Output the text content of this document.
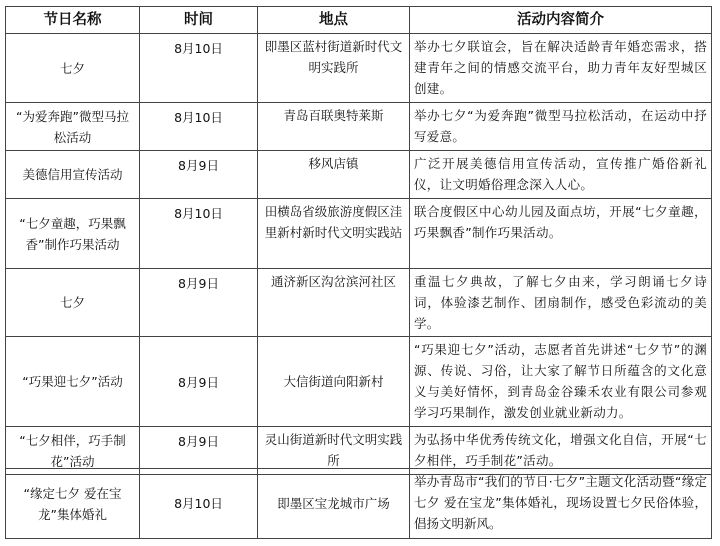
节日名称	时间	地点	活动内容简介
七夕	8月10日	即墨区蓝村街道新时代文明实践所	举办七夕联谊会，旨在解决适龄青年婚恋需求，搭建青年之间的情感交流平台，助力青年友好型城区创建。
“为爱奔跑”微型马拉松活动	8月10日	青岛百联奥特莱斯	举办七夕“为爱奔跑”微型马拉松活动，在运动中抒写爱意。
美德信用宣传活动	8月9日	移风店镇	广泛开展美德信用宣传活动，宣传推广婚俗新礼仪，让文明婚俗理念深入人心。
“七夕童趣，巧果飘香”制作巧果活动	8月10日	田横岛省级旅游度假区洼里新村新时代文明实践站	联合度假区中心幼儿园及面点坊，开展“七夕童趣，巧果飘香”制作巧果活动。
七夕	8月9日	通济新区沟岔滨河社区	重温七夕典故，了解七夕由来，学习朗诵七夕诗词，体验漆艺制作、团扇制作，感受色彩流动的美学。
“巧果迎七夕”活动	8月9日	大信街道向阳新村	“巧果迎七夕”活动，志愿者首先讲述“七夕节”的渊源、传说、习俗，让大家了解节日所蕴含的文化意义与美好情怀，到青岛金谷臻禾农业有限公司参观学习巧果制作，激发创业就业新动力。
“七夕相伴，巧手制花”活动	8月9日	灵山街道新时代文明实践所	为弘扬中华优秀传统文化，增强文化自信，开展“七夕相伴，巧手制花”活动。
“缘定七夕 爱在宝龙”集体婚礼	8月10日	即墨区宝龙城市广场	举办青岛市“我们的节日·七夕”主题文化活动暨“缘定七夕 爱在宝龙”集体婚礼，现场设置七夕民俗体验，倡扬文明新风。
